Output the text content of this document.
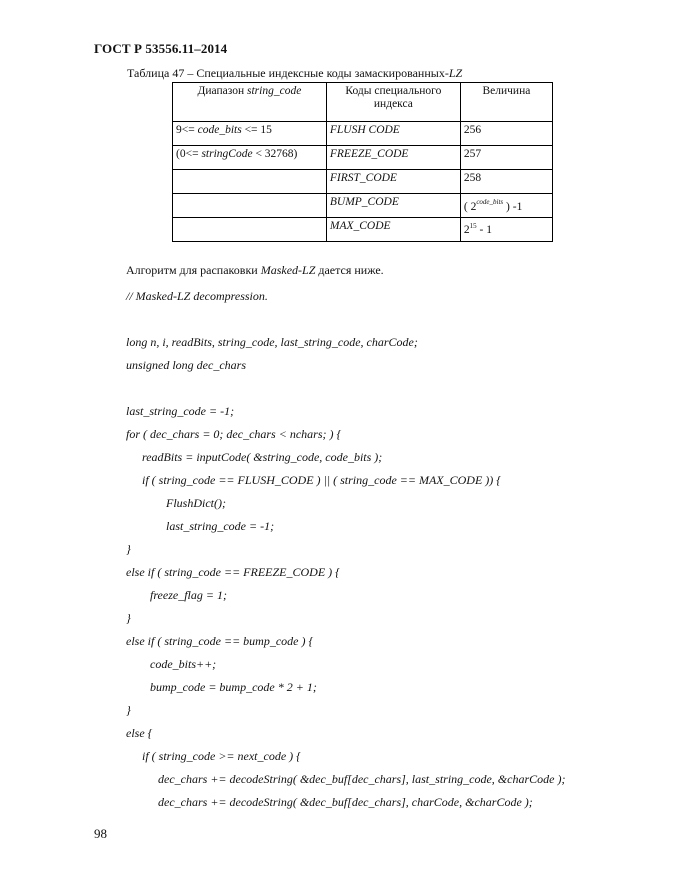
ГОСТ Р 53556.11–2014
Таблица 47 – Специальные индексные коды замаскированных-LZ
Диапазон string_code	Коды специального индекса	Величина
9<= code_bits <= 15	FLUSH CODE	256
(0<= stringCode < 32768)	FREEZE_CODE	257
	FIRST_CODE	258
	BUMP_CODE	( $2^{code\_bits}$ ) -1
	MAX_CODE	$2^{15} - 1$
Алгоритм для распаковки Masked-LZ дается ниже.
// Masked-LZ decompression.
long n, i, readBits, string_code, last_string_code, charCode;
unsigned long dec_chars
last_string_code = -1;
for ( dec_chars = 0; dec_chars < nchars; ) {
readBits = inputCode( &string_code, code_bits );
if ( string_code == FLUSH_CODE ) || ( string_code == MAX_CODE )) {
FlushDict();
last_string_code = -1;
}
else if ( string_code == FREEZE_CODE ) {
freeze_flag = 1;
}
else if ( string_code == bump_code ) {
code_bits++;
bump_code = bump_code * 2 + 1;
}
else {
if ( string_code >= next_code ) {
dec_chars += decodeString( &dec_buf[dec_chars], last_string_code, &charCode );
dec_chars += decodeString( &dec_buf[dec_chars], charCode, &charCode );
98
